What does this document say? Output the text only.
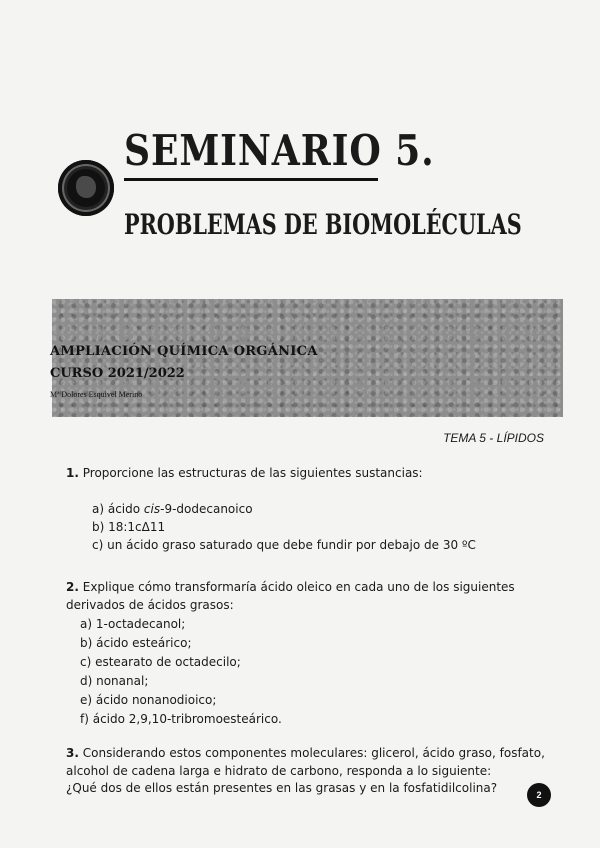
SEMINARIO 5.
PROBLEMAS DE BIOMOLÉCULAS

AMPLIACIÓN QUÍMICA ORGÁNICA

CURSO 2021/2022

Mª Dolores Esquivel Merino

TEMA 5 - LÍPIDOS

1. Proporcione las estructuras de las siguientes sustancias:

a) ácido cis-9-dodecanoico

b) 18:1cΔ11

c) un ácido graso saturado que debe fundir por debajo de 30 ºC

2. Explique cómo transformaría ácido oleico en cada uno de los siguientes

derivados de ácidos grasos:

a) 1-octadecanol;

b) ácido esteárico;

c) estearato de octadecilo;

d) nonanal;

e) ácido nonanodioico;

f) ácido 2,9,10-tribromoesteárico.

3. Considerando estos componentes moleculares: glicerol, ácido graso, fosfato,

alcohol de cadena larga e hidrato de carbono, responda a lo siguiente:

¿Qué dos de ellos están presentes en las grasas y en la fosfatidilcolina?	2
